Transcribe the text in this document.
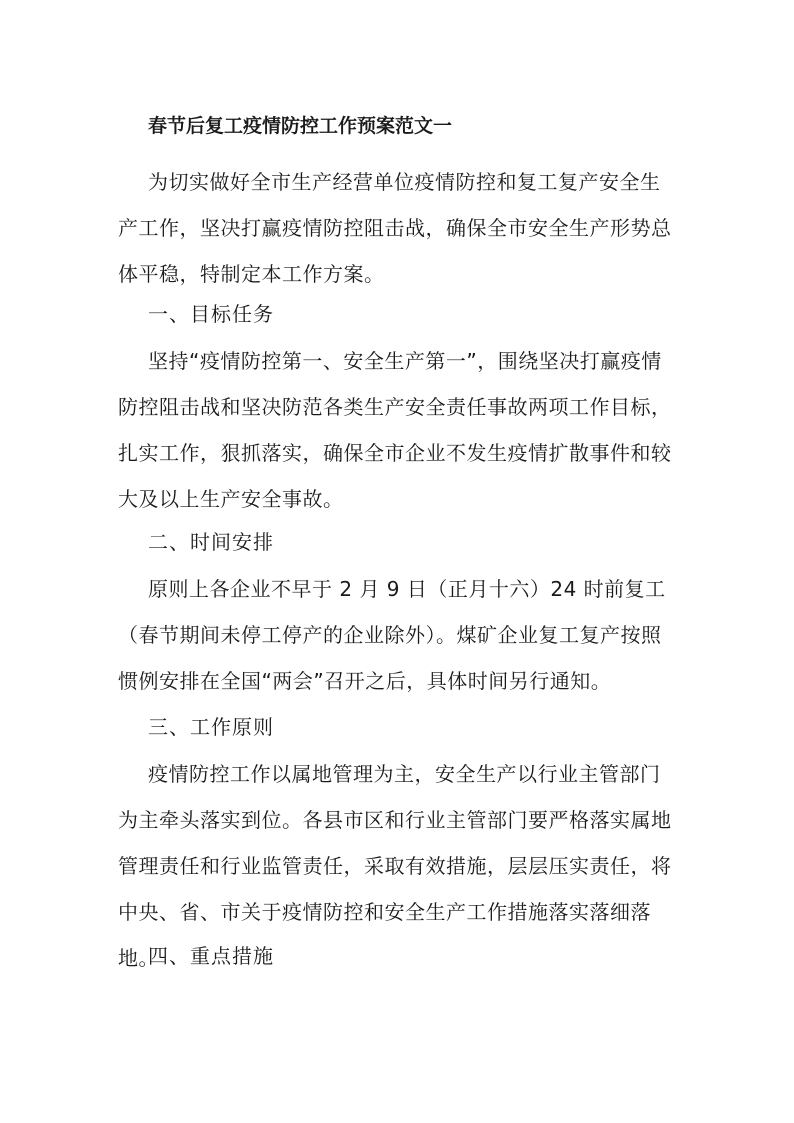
春节后复工疫情防控工作预案范文一

为切实做好全市生产经营单位疫情防控和复工复产安全生产工作，坚决打赢疫情防控阻击战，确保全市安全生产形势总体平稳，特制定本工作方案。

一、目标任务

坚持“疫情防控第一、安全生产第一”，围绕坚决打赢疫情防控阻击战和坚决防范各类生产安全责任事故两项工作目标，扎实工作，狠抓落实，确保全市企业不发生疫情扩散事件和较大及以上生产安全事故。

二、时间安排

原则上各企业不早于 2 月 9 日（正月十六）24 时前复工（春节期间未停工停产的企业除外）。煤矿企业复工复产按照惯例安排在全国“两会”召开之后，具体时间另行通知。

三、工作原则

疫情防控工作以属地管理为主，安全生产以行业主管部门为主牵头落实到位。各县市区和行业主管部门要严格落实属地管理责任和行业监管责任，采取有效措施，层层压实责任，将中央、省、市关于疫情防控和安全生产工作措施落实落细落地。

四、重点措施
